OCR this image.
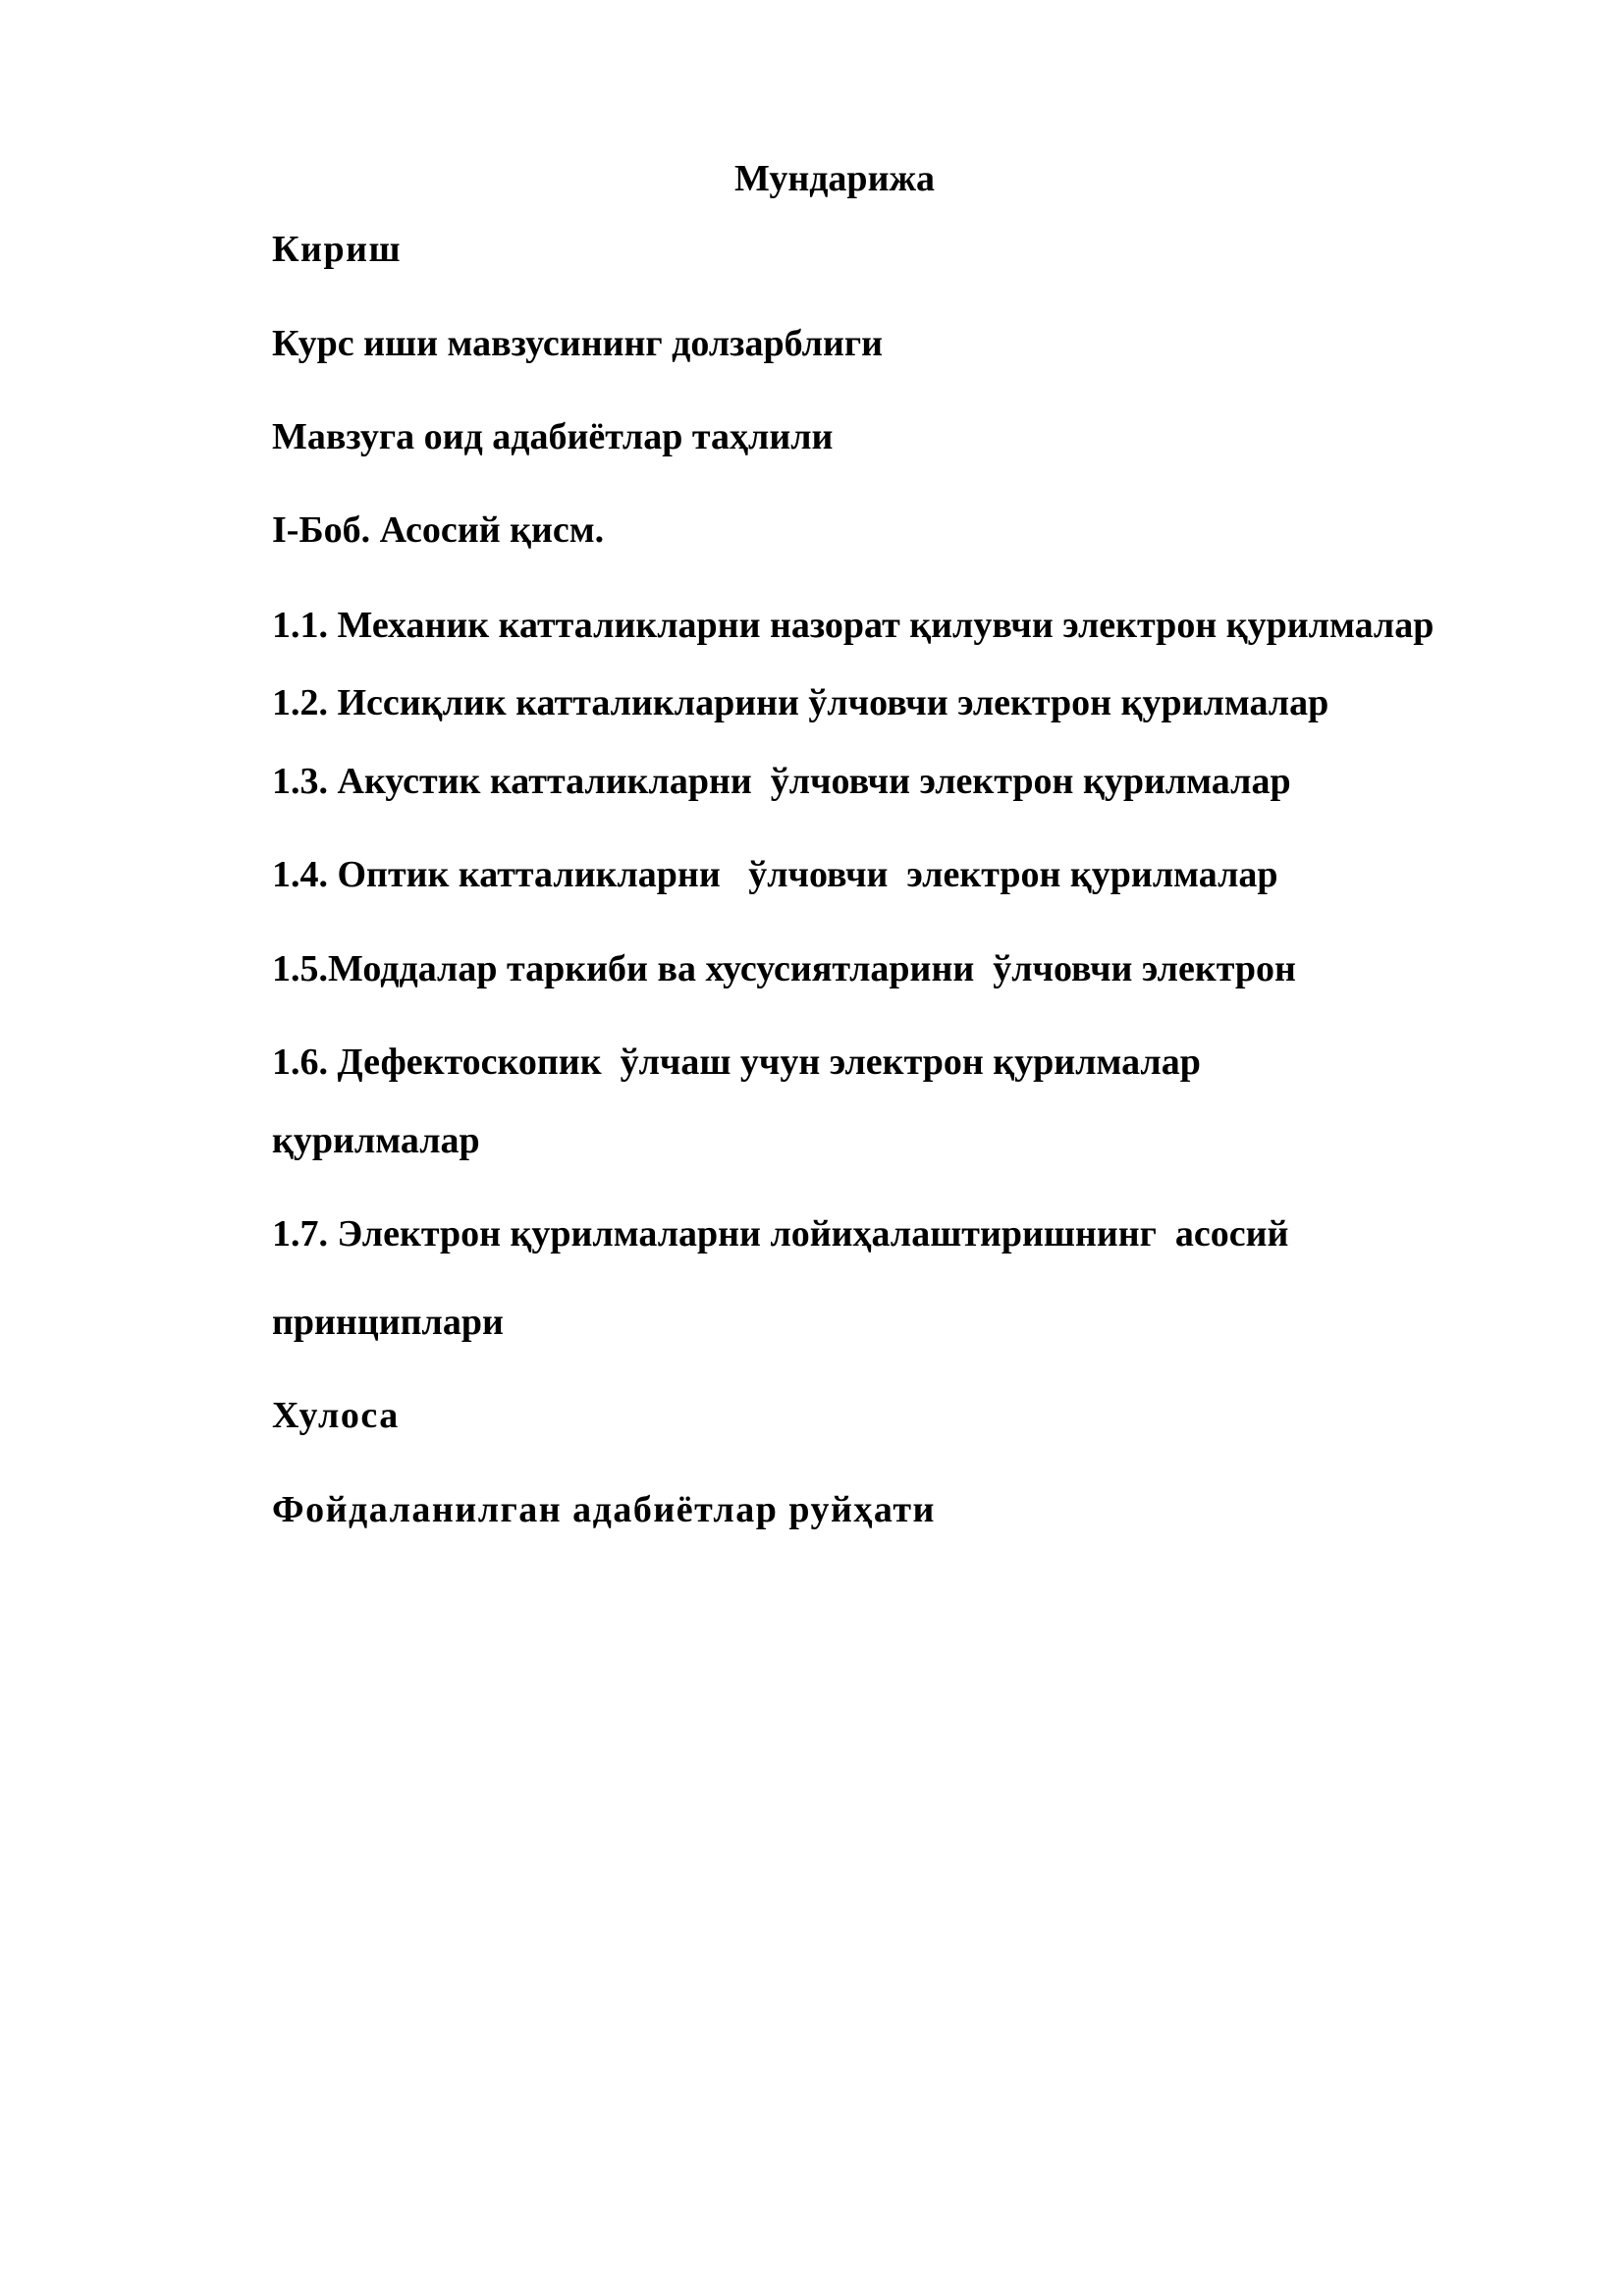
Мундарижа
Кириш
Курс иши мавзусининг долзарблиги
Мавзуга оид адабиётлар таҳлили
I-Боб. Асосий қисм.
1.1. Механик катталикларни назорат қилувчи электрон қурилмалар
1.2. Иссиқлик катталикларини ўлчовчи электрон қурилмалар
1.3. Акустик катталикларни  ўлчовчи электрон қурилмалар
1.4. Оптик катталикларни   ўлчовчи  электрон қурилмалар
1.5.Моддалар таркиби ва хусусиятларини  ўлчовчи электрон
1.6. Дефектоскопик  ўлчаш учун электрон қурилмалар
қурилмалар
1.7. Электрон қурилмаларни лойиҳалаштиришнинг  асосий
принциплари
Хулоса
Фойдаланилган адабиётлар руйҳати
